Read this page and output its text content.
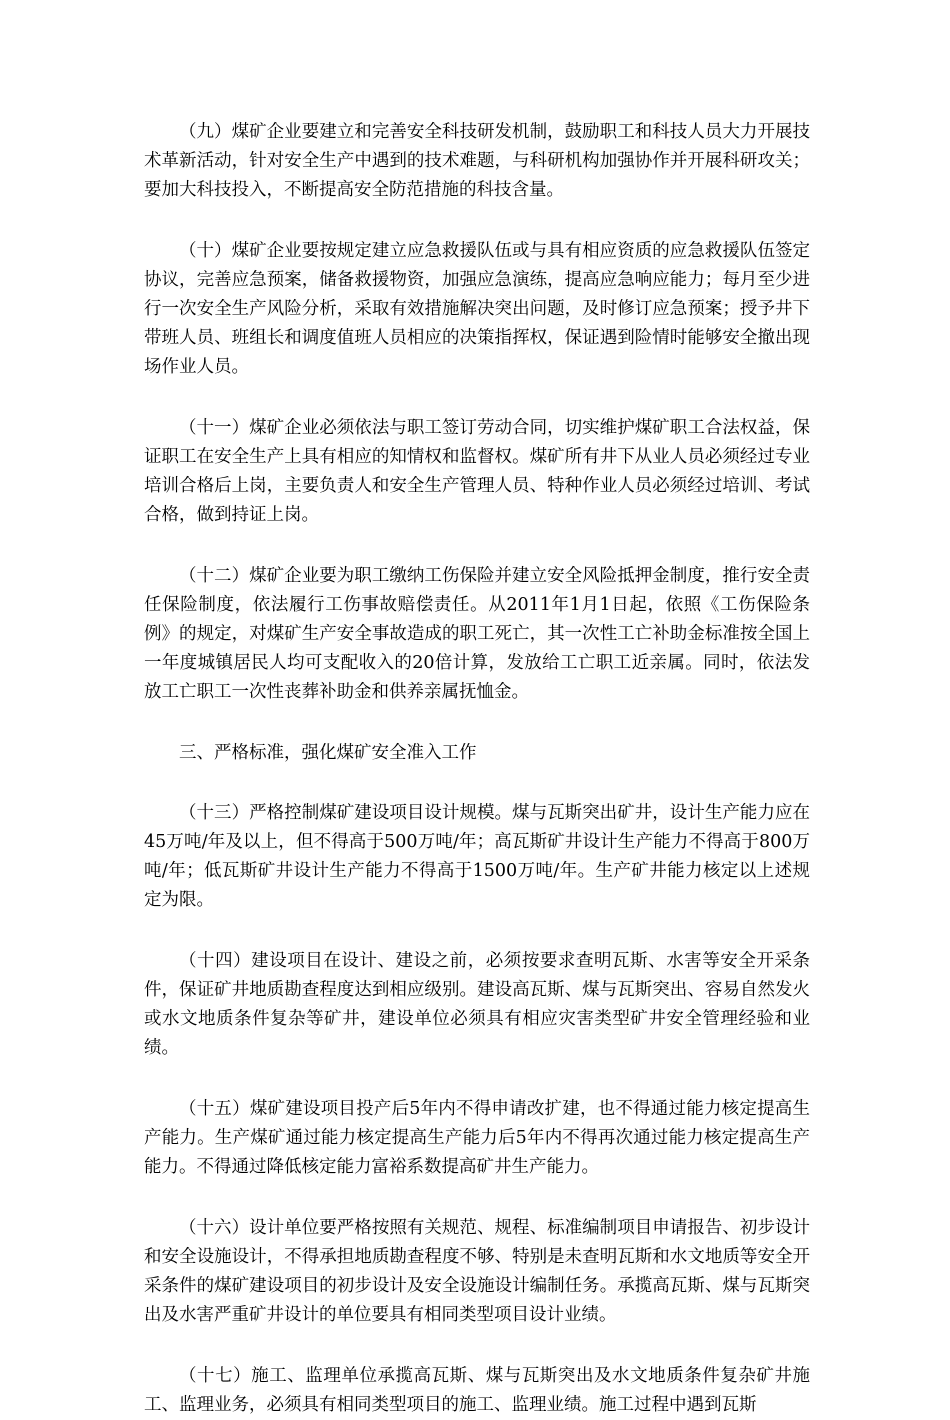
（九）煤矿企业要建立和完善安全科技研发机制，鼓励职工和科技人员大力开展技术革新活动，针对安全生产中遇到的技术难题，与科研机构加强协作并开展科研攻关；要加大科技投入，不断提高安全防范措施的科技含量。

（十）煤矿企业要按规定建立应急救援队伍或与具有相应资质的应急救援队伍签定协议，完善应急预案，储备救援物资，加强应急演练，提高应急响应能力；每月至少进行一次安全生产风险分析，采取有效措施解决突出问题，及时修订应急预案；授予井下带班人员、班组长和调度值班人员相应的决策指挥权，保证遇到险情时能够安全撤出现场作业人员。

（十一）煤矿企业必须依法与职工签订劳动合同，切实维护煤矿职工合法权益，保证职工在安全生产上具有相应的知情权和监督权。煤矿所有井下从业人员必须经过专业培训合格后上岗，主要负责人和安全生产管理人员、特种作业人员必须经过培训、考试合格，做到持证上岗。

（十二）煤矿企业要为职工缴纳工伤保险并建立安全风险抵押金制度，推行安全责任保险制度，依法履行工伤事故赔偿责任。从2011年1月1日起，依照《工伤保险条例》的规定，对煤矿生产安全事故造成的职工死亡，其一次性工亡补助金标准按全国上一年度城镇居民人均可支配收入的20倍计算，发放给工亡职工近亲属。同时，依法发放工亡职工一次性丧葬补助金和供养亲属抚恤金。

三、严格标准，强化煤矿安全准入工作

（十三）严格控制煤矿建设项目设计规模。煤与瓦斯突出矿井，设计生产能力应在45万吨/年及以上，但不得高于500万吨/年；高瓦斯矿井设计生产能力不得高于800万吨/年；低瓦斯矿井设计生产能力不得高于1500万吨/年。生产矿井能力核定以上述规定为限。

（十四）建设项目在设计、建设之前，必须按要求查明瓦斯、水害等安全开采条件，保证矿井地质勘查程度达到相应级别。建设高瓦斯、煤与瓦斯突出、容易自然发火或水文地质条件复杂等矿井，建设单位必须具有相应灾害类型矿井安全管理经验和业绩。

（十五）煤矿建设项目投产后5年内不得申请改扩建，也不得通过能力核定提高生产能力。生产煤矿通过能力核定提高生产能力后5年内不得再次通过能力核定提高生产能力。不得通过降低核定能力富裕系数提高矿井生产能力。

（十六）设计单位要严格按照有关规范、规程、标准编制项目申请报告、初步设计和安全设施设计，不得承担地质勘查程度不够、特别是未查明瓦斯和水文地质等安全开采条件的煤矿建设项目的初步设计及安全设施设计编制任务。承揽高瓦斯、煤与瓦斯突出及水害严重矿井设计的单位要具有相同类型项目设计业绩。

（十七）施工、监理单位承揽高瓦斯、煤与瓦斯突出及水文地质条件复杂矿井施工、监理业务，必须具有相同类型项目的施工、监理业绩。施工过程中遇到瓦斯
